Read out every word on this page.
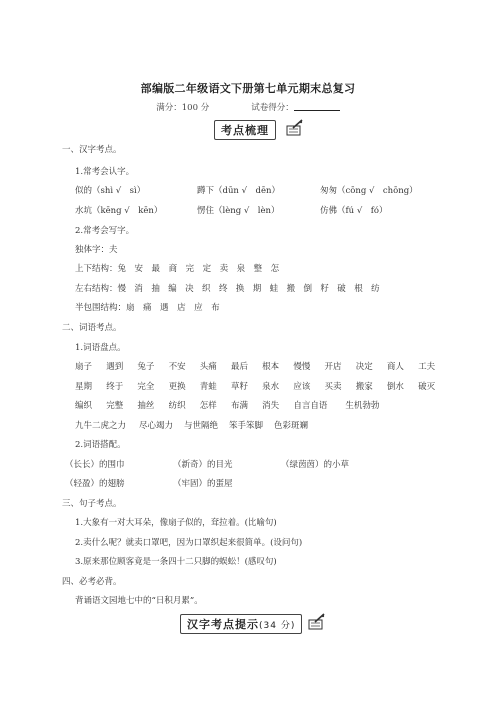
部编版二年级语文下册第七单元期末总复习
满分：100 分	试卷得分：
考点梳理
一、汉字考点。
1.常考会认字。
似的（shì √　sì）	蹲下（dūn √　dēn）	匆匆（cōng √　chōng）
水坑（kēng √　kēn）	愣住（lèng √　lèn）	仿佛（fú √　fó）
2.常考会写字。
独体字：夫
上下结构：兔 安 最 商 完 定 卖 泉 整 怎
左右结构：慢 消 抽 编 决 织 终 换 期 蛙 搬 倒 籽 破 根 纺
半包围结构：扇 痛 遇 店 应 布
二、词语考点。
1.词语盘点。
扇子 遇到 兔子 不安 头痛 最后 根本 慢慢 开店 决定 商人 工夫
星期 终于 完全 更换 青蛙 草籽 泉水 应该 买卖 搬家 倒水 破灭
编织 完整 抽丝 纺织 怎样 布满 消失 自言自语 生机勃勃
九牛二虎之力 尽心竭力 与世隔绝 笨手笨脚 色彩斑斓
2.词语搭配。
（长长）的围巾	（新奇）的目光	（绿茵茵）的小草
（轻盈）的翅膀	（牢固）的蛋屋
三、句子考点。
1.大象有一对大耳朵，像扇子似的，耷拉着。(比喻句)
2.卖什么呢？就卖口罩吧，因为口罩织起来很简单。(设问句)
3.原来那位顾客竟是一条四十二只脚的蜈蚣！(感叹句)
四、必考必背。
背诵语文园地七中的“日积月累”。
汉字考点提示(34 分)
